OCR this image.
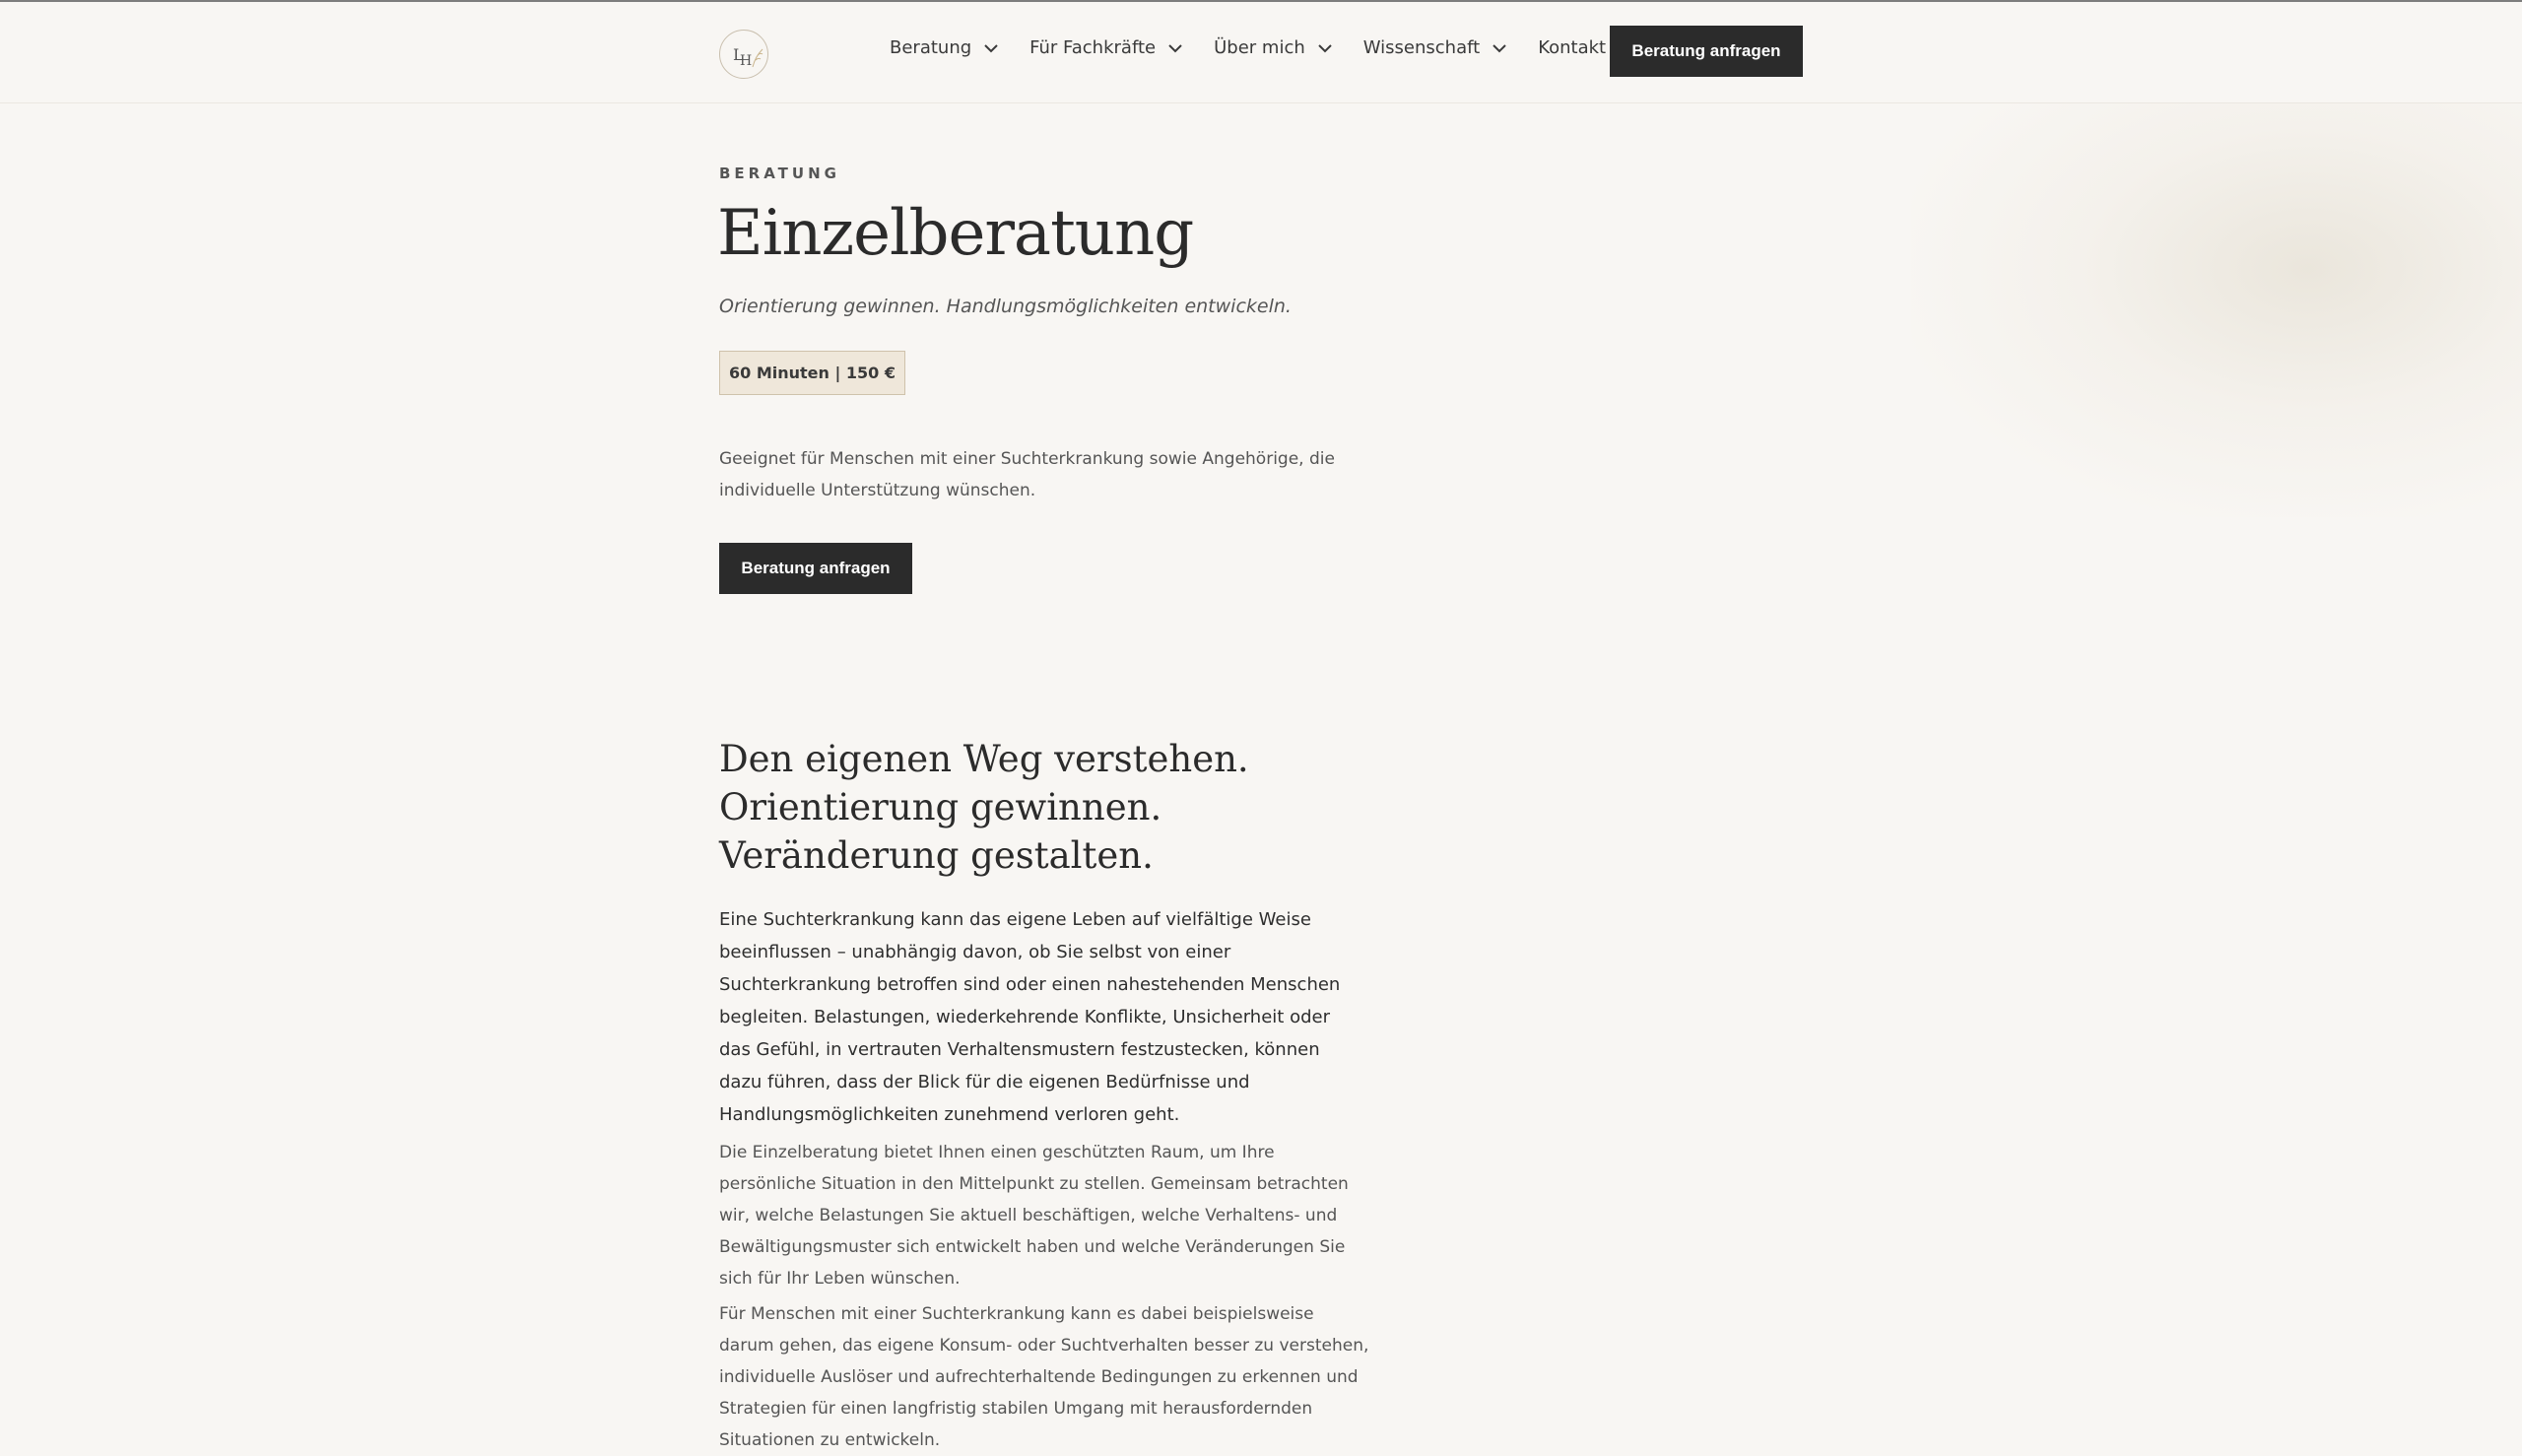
L
H
Beratung	Für Fachkräfte	Über mich	Wissenschaft	Kontakt	Beratung anfragen
BERATUNG
Einzelberatung

Orientierung gewinnen. Handlungsmöglichkeiten entwickeln.

60 Minuten | 150 €

Geeignet für Menschen mit einer Suchterkrankung sowie Angehörige, die individuelle Unterstützung wünschen.

Beratung anfragen
Den eigenen Weg verstehen. Orientierung gewinnen. Veränderung gestalten.

Eine Suchterkrankung kann das eigene Leben auf vielfältige Weise beeinflussen – unabhängig davon, ob Sie selbst von einer Suchterkrankung betroffen sind oder einen nahestehenden Menschen begleiten. Belastungen, wiederkehrende Konflikte, Unsicherheit oder das Gefühl, in vertrauten Verhaltensmustern festzustecken, können dazu führen, dass der Blick für die eigenen Bedürfnisse und Handlungsmöglichkeiten zunehmend verloren geht.

Die Einzelberatung bietet Ihnen einen geschützten Raum, um Ihre persönliche Situation in den Mittelpunkt zu stellen. Gemeinsam betrachten wir, welche Belastungen Sie aktuell beschäftigen, welche Verhaltens- und Bewältigungsmuster sich entwickelt haben und welche Veränderungen Sie sich für Ihr Leben wünschen.

Für Menschen mit einer Suchterkrankung kann es dabei beispielsweise darum gehen, das eigene Konsum- oder Suchtverhalten besser zu verstehen, individuelle Auslöser und aufrechterhaltende Bedingungen zu erkennen und Strategien für einen langfristig stabilen Umgang mit herausfordernden Situationen zu entwickeln.
